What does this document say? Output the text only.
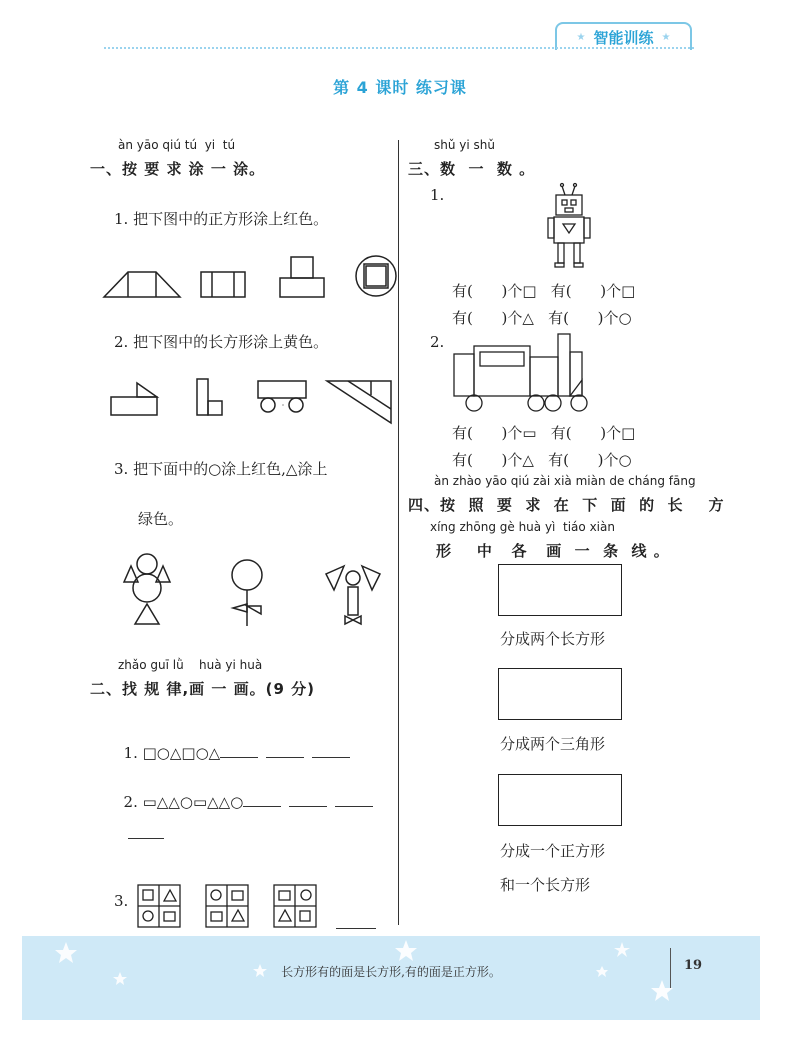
★ 智能训练 ★
第 4 课时 练习课
àn yāo qiú tú  yi  tú
一、按 要 求 涂 一 涂。
1. 把下图中的正方形涂上红色。
2. 把下图中的长方形涂上黄色。
3. 把下面中的○涂上红色,△涂上
绿色。
zhǎo guī lǜ    huà yi huà
二、找 规 律,画 一 画。(9 分)

1. □○△□○△

2. ▭△△○▭△△○

3.
shǔ yi shǔ
三、数  一  数 。
1.
有(      )个□   有(      )个□
有(      )个△   有(      )个○
2.
有(      )个▭   有(      )个□
有(      )个△   有(      )个○
àn zhào yāo qiú zài xià miàn de cháng fāng
四、按  照  要  求  在  下  面  的  长    方
xíng zhōng gè huà yì  tiáo xiàn
形    中   各   画  一  条  线 。
分成两个长方形
分成两个三角形
分成一个正方形
和一个长方形
长方形有的面是长方形,有的面是正方形。	19
